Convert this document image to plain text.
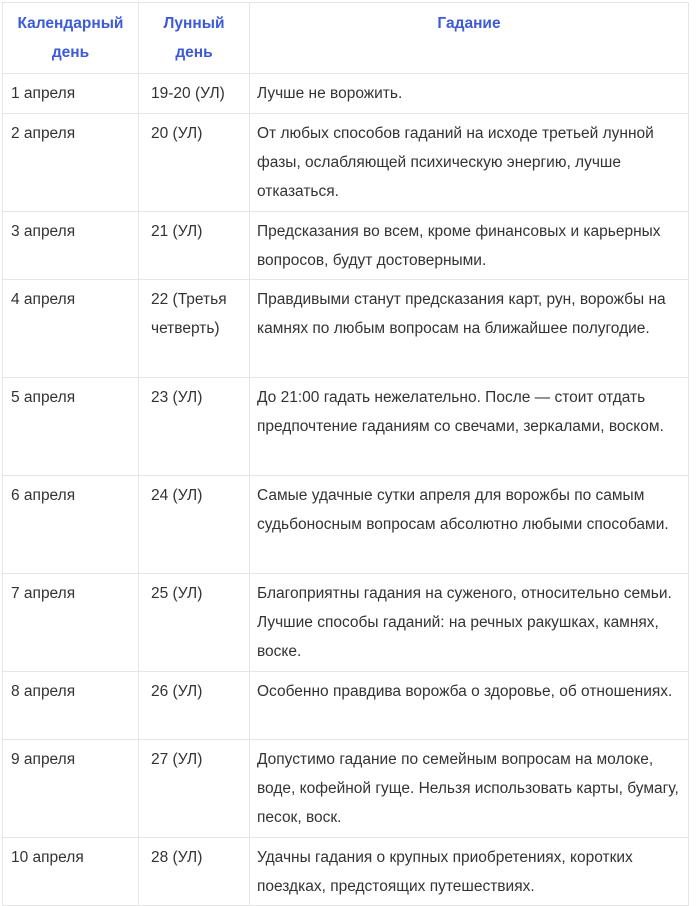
Календарный день	Лунный день	Гадание
1 апреля	19-20 (УЛ)	Лучше не ворожить.
2 апреля	20 (УЛ)	От любых способов гаданий на исходе третьей лунной фазы, ослабляющей психическую энергию, лучше отказаться.
3 апреля	21 (УЛ)	Предсказания во всем, кроме финансовых и карьерных вопросов, будут достоверными.
4 апреля	22 (Третья четверть)	Правдивыми станут предсказания карт, рун, ворожбы на камнях по любым вопросам на ближайшее полугодие.
5 апреля	23 (УЛ)	До 21:00 гадать нежелательно. После — стоит отдать предпочтение гаданиям со свечами, зеркалами, воском.
6 апреля	24 (УЛ)	Самые удачные сутки апреля для ворожбы по самым судьбоносным вопросам абсолютно любыми способами.
7 апреля	25 (УЛ)	Благоприятны гадания на суженого, относительно семьи. Лучшие способы гаданий: на речных ракушках, камнях, воске.
8 апреля	26 (УЛ)	Особенно правдива ворожба о здоровье, об отношениях.
9 апреля	27 (УЛ)	Допустимо гадание по семейным вопросам на молоке, воде, кофейной гуще. Нельзя использовать карты, бумагу, песок, воск.
10 апреля	28 (УЛ)	Удачны гадания о крупных приобретениях, коротких поездках, предстоящих путешествиях.
